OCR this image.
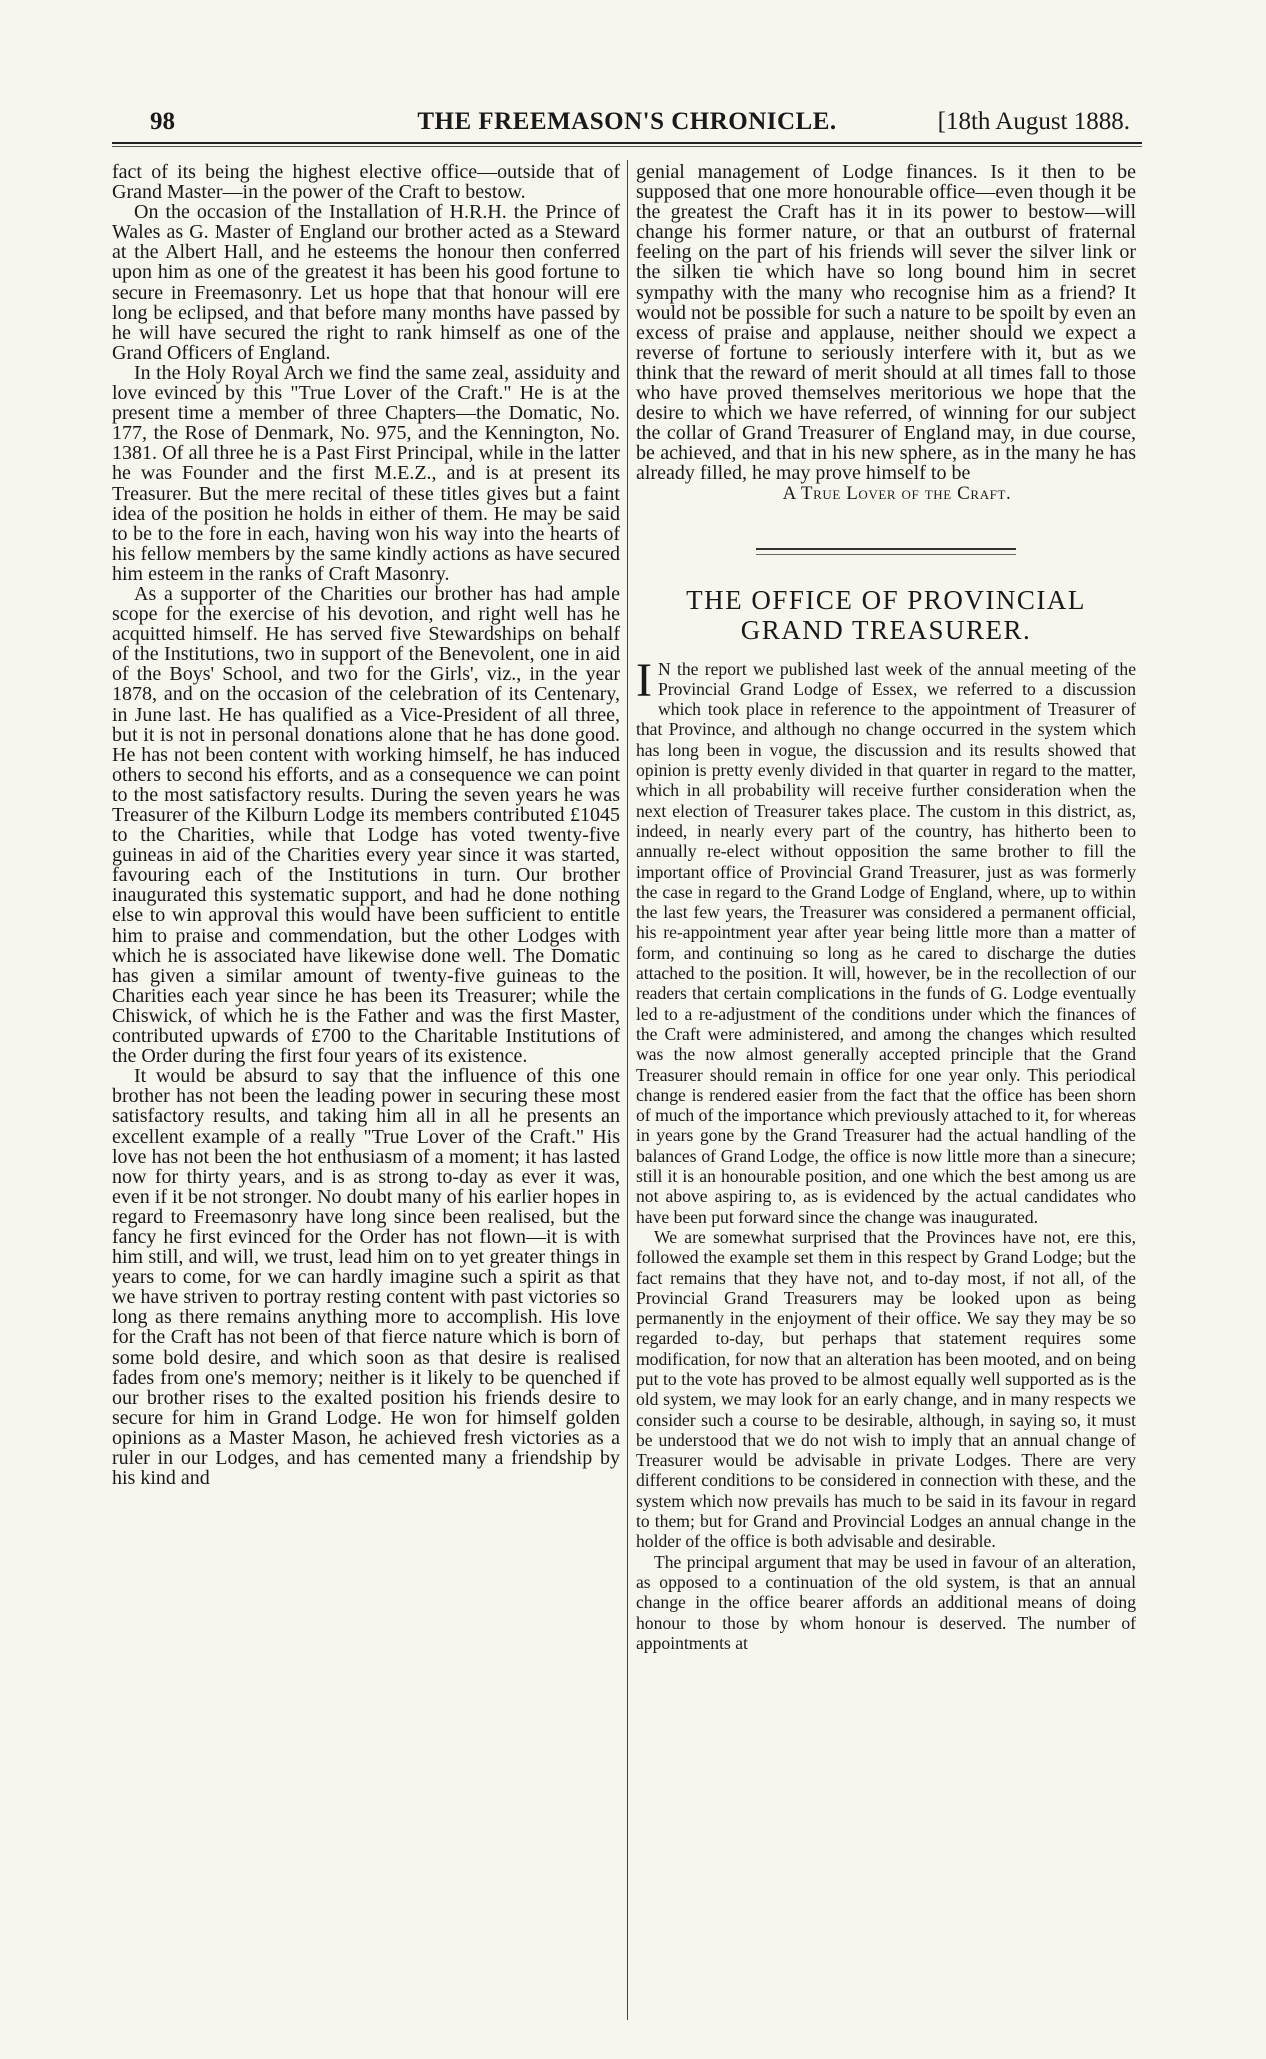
98	THE FREEMASON'S CHRONICLE.	[18th August 1888.

fact of its being the highest elective office—outside that of Grand Master—in the power of the Craft to bestow.

On the occasion of the Installation of H.R.H. the Prince of Wales as G. Master of England our brother acted as a Steward at the Albert Hall, and he esteems the honour then conferred upon him as one of the greatest it has been his good fortune to secure in Freemasonry. Let us hope that that honour will ere long be eclipsed, and that before many months have passed by he will have secured the right to rank himself as one of the Grand Officers of England.

In the Holy Royal Arch we find the same zeal, assiduity and love evinced by this "True Lover of the Craft." He is at the present time a member of three Chapters—the Domatic, No. 177, the Rose of Denmark, No. 975, and the Kennington, No. 1381. Of all three he is a Past First Principal, while in the latter he was Founder and the first M.E.Z., and is at present its Treasurer. But the mere recital of these titles gives but a faint idea of the position he holds in either of them. He may be said to be to the fore in each, having won his way into the hearts of his fellow members by the same kindly actions as have secured him esteem in the ranks of Craft Masonry.

As a supporter of the Charities our brother has had ample scope for the exercise of his devotion, and right well has he acquitted himself. He has served five Stewardships on behalf of the Institutions, two in support of the Benevolent, one in aid of the Boys' School, and two for the Girls', viz., in the year 1878, and on the occasion of the celebration of its Centenary, in June last. He has qualified as a Vice-President of all three, but it is not in personal donations alone that he has done good. He has not been content with working himself, he has induced others to second his efforts, and as a consequence we can point to the most satisfactory results. During the seven years he was Treasurer of the Kilburn Lodge its members contributed £1045 to the Charities, while that Lodge has voted twenty-five guineas in aid of the Charities every year since it was started, favouring each of the Institutions in turn. Our brother inaugurated this systematic support, and had he done nothing else to win approval this would have been sufficient to entitle him to praise and commendation, but the other Lodges with which he is associated have likewise done well. The Domatic has given a similar amount of twenty-five guineas to the Charities each year since he has been its Treasurer; while the Chiswick, of which he is the Father and was the first Master, contributed upwards of £700 to the Charitable Institutions of the Order during the first four years of its existence.

It would be absurd to say that the influence of this one brother has not been the leading power in securing these most satisfactory results, and taking him all in all he presents an excellent example of a really "True Lover of the Craft." His love has not been the hot enthusiasm of a moment; it has lasted now for thirty years, and is as strong to-day as ever it was, even if it be not stronger. No doubt many of his earlier hopes in regard to Freemasonry have long since been realised, but the fancy he first evinced for the Order has not flown—it is with him still, and will, we trust, lead him on to yet greater things in years to come, for we can hardly imagine such a spirit as that we have striven to portray resting content with past victories so long as there remains anything more to accomplish. His love for the Craft has not been of that fierce nature which is born of some bold desire, and which soon as that desire is realised fades from one's memory; neither is it likely to be quenched if our brother rises to the exalted position his friends desire to secure for him in Grand Lodge. He won for himself golden opinions as a Master Mason, he achieved fresh victories as a ruler in our Lodges, and has cemented many a friendship by his kind and

genial management of Lodge finances. Is it then to be supposed that one more honourable office—even though it be the greatest the Craft has it in its power to bestow—will change his former nature, or that an outburst of fraternal feeling on the part of his friends will sever the silver link or the silken tie which have so long bound him in secret sympathy with the many who recognise him as a friend? It would not be possible for such a nature to be spoilt by even an excess of praise and applause, neither should we expect a reverse of fortune to seriously interfere with it, but as we think that the reward of merit should at all times fall to those who have proved themselves meritorious we hope that the desire to which we have referred, of winning for our subject the collar of Grand Treasurer of England may, in due course, be achieved, and that in his new sphere, as in the many he has already filled, he may prove himself to be

A True Lover of the Craft.

THE OFFICE OF PROVINCIAL GRAND TREASURER.

I N the report we published last week of the annual meeting of the Provincial Grand Lodge of Essex, we referred to a discussion which took place in reference to the appointment of Treasurer of that Province, and although no change occurred in the system which has long been in vogue, the discussion and its results showed that opinion is pretty evenly divided in that quarter in regard to the matter, which in all probability will receive further consideration when the next election of Treasurer takes place. The custom in this district, as, indeed, in nearly every part of the country, has hitherto been to annually re-elect without opposition the same brother to fill the important office of Provincial Grand Treasurer, just as was formerly the case in regard to the Grand Lodge of England, where, up to within the last few years, the Treasurer was considered a permanent official, his re-appointment year after year being little more than a matter of form, and continuing so long as he cared to discharge the duties attached to the position. It will, however, be in the recollection of our readers that certain complications in the funds of G. Lodge eventually led to a re-adjustment of the conditions under which the finances of the Craft were administered, and among the changes which resulted was the now almost generally accepted principle that the Grand Treasurer should remain in office for one year only. This periodical change is rendered easier from the fact that the office has been shorn of much of the importance which previously attached to it, for whereas in years gone by the Grand Treasurer had the actual handling of the balances of Grand Lodge, the office is now little more than a sinecure; still it is an honourable position, and one which the best among us are not above aspiring to, as is evidenced by the actual candidates who have been put forward since the change was inaugurated.

We are somewhat surprised that the Provinces have not, ere this, followed the example set them in this respect by Grand Lodge; but the fact remains that they have not, and to-day most, if not all, of the Provincial Grand Treasurers may be looked upon as being permanently in the enjoyment of their office. We say they may be so regarded to-day, but perhaps that statement requires some modification, for now that an alteration has been mooted, and on being put to the vote has proved to be almost equally well supported as is the old system, we may look for an early change, and in many respects we consider such a course to be desirable, although, in saying so, it must be understood that we do not wish to imply that an annual change of Treasurer would be advisable in private Lodges. There are very different conditions to be considered in connection with these, and the system which now prevails has much to be said in its favour in regard to them; but for Grand and Provincial Lodges an annual change in the holder of the office is both advisable and desirable.

The principal argument that may be used in favour of an alteration, as opposed to a continuation of the old system, is that an annual change in the office bearer affords an additional means of doing honour to those by whom honour is deserved. The number of appointments at
